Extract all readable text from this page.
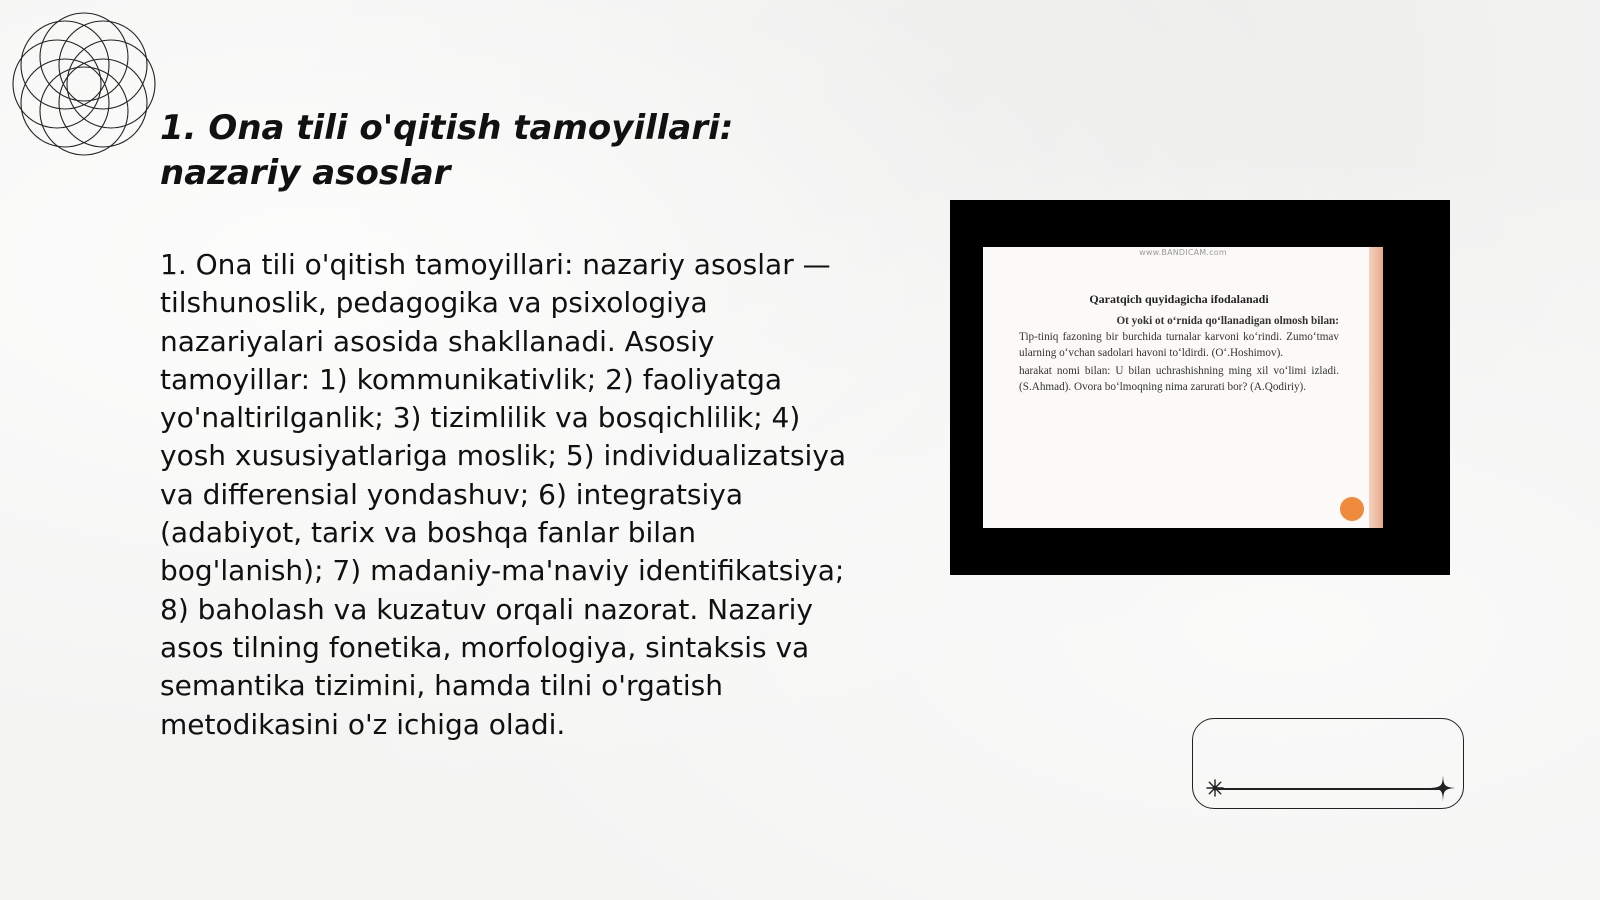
1. Ona tili o'qitish tamoyillari: nazariy asoslar

1. Ona tili o'qitish tamoyillari: nazariy asoslar — tilshunoslik, pedagogika va psixologiya nazariyalari asosida shakllanadi. Asosiy tamoyillar: 1) kommunikativlik; 2) faoliyatga yo'naltirilganlik; 3) tizimlilik va bosqichlilik; 4) yosh xususiyatlariga moslik; 5) individualizatsiya va differensial yondashuv; 6) integratsiya (adabiyot, tarix va boshqa fanlar bilan bog'lanish); 7) madaniy-ma'naviy identifikatsiya; 8) baholash va kuzatuv orqali nazorat. Nazariy asos tilning fonetika, morfologiya, sintaksis va semantika tizimini, hamda tilni o'rgatish metodikasini o'z ichiga oladi.

www.BANDICAM.com
Qaratqich quyidagicha ifodalanadi

Ot yoki ot o‘rnida qo‘llanadigan olmosh bilan:

Tip-tiniq fazoning bir burchida turnalar karvoni ko‘rindi. Zumo‘tmav ularning o‘vchan sadolari havoni to‘ldirdi. (O‘.Hoshimov).

harakat nomi bilan: U bilan uchrashishning ming xil vo‘limi izladi. (S.Ahmad). Ovora bo‘lmoqning nima zarurati bor? (A.Qodiriy).
